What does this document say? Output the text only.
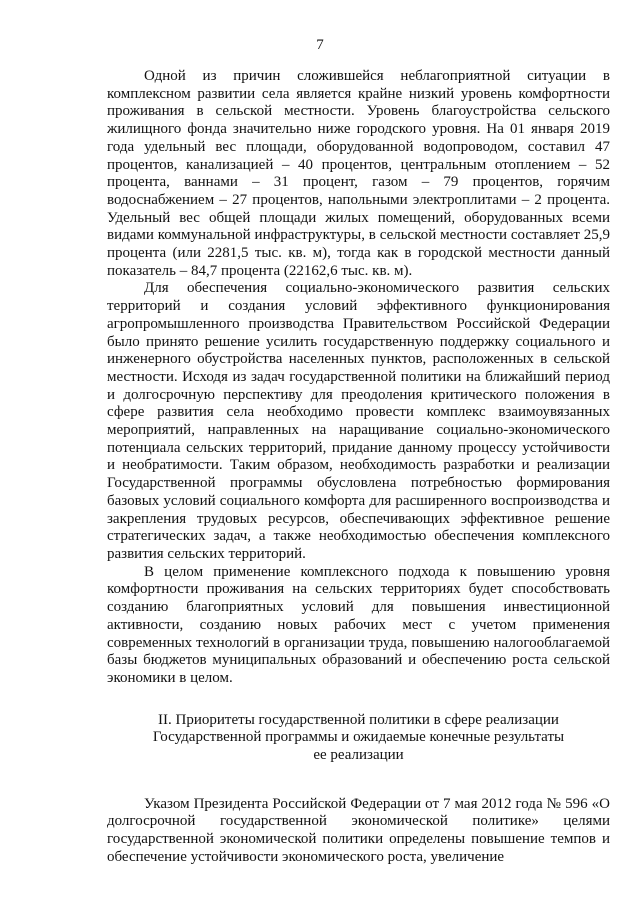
7

Одной из причин сложившейся неблагоприятной ситуации в комплексном развитии села является крайне низкий уровень комфортности проживания в сельской местности. Уровень благоустройства сельского жилищного фонда значительно ниже городского уровня. На 01 января 2019 года удельный вес площади, оборудованной водопроводом, составил 47 процентов, канализацией – 40 процентов, центральным отоплением – 52 процента, ваннами – 31 процент, газом – 79 процентов, горячим водоснабжением – 27 процентов, напольными электроплитами – 2 процента. Удельный вес общей площади жилых помещений, оборудованных всеми видами коммунальной инфраструктуры, в сельской местности составляет 25,9 процента (или 2281,5 тыс. кв. м), тогда как в городской местности данный показатель – 84,7 процента (22162,6 тыс. кв. м).

Для обеспечения социально-экономического развития сельских территорий и создания условий эффективного функционирования агропромышленного производства Правительством Российской Федерации было принято решение усилить государственную поддержку социального и инженерного обустройства населенных пунктов, расположенных в сельской местности. Исходя из задач государственной политики на ближайший период и долгосрочную перспективу для преодоления критического положения в сфере развития села необходимо провести комплекс взаимоувязанных мероприятий, направленных на наращивание социально-экономического потенциала сельских территорий, придание данному процессу устойчивости и необратимости. Таким образом, необходимость разработки и реализации Государственной программы обусловлена потребностью формирования базовых условий социального комфорта для расширенного воспроизводства и закрепления трудовых ресурсов, обеспечивающих эффективное решение стратегических задач, а также необходимостью обеспечения комплексного развития сельских территорий.

В целом применение комплексного подхода к повышению уровня комфортности проживания на сельских территориях будет способствовать созданию благоприятных условий для повышения инвестиционной активности, созданию новых рабочих мест с учетом применения современных технологий в организации труда, повышению налогооблагаемой базы бюджетов муниципальных образований и обеспечению роста сельской экономики в целом.

II. Приоритеты государственной политики в сфере реализации
Государственной программы и ожидаемые конечные результаты
ее реализации

Указом Президента Российской Федерации от 7 мая 2012 года № 596 «О долгосрочной государственной экономической политике» целями государственной экономической политики определены повышение темпов и обеспечение устойчивости экономического роста, увеличение
